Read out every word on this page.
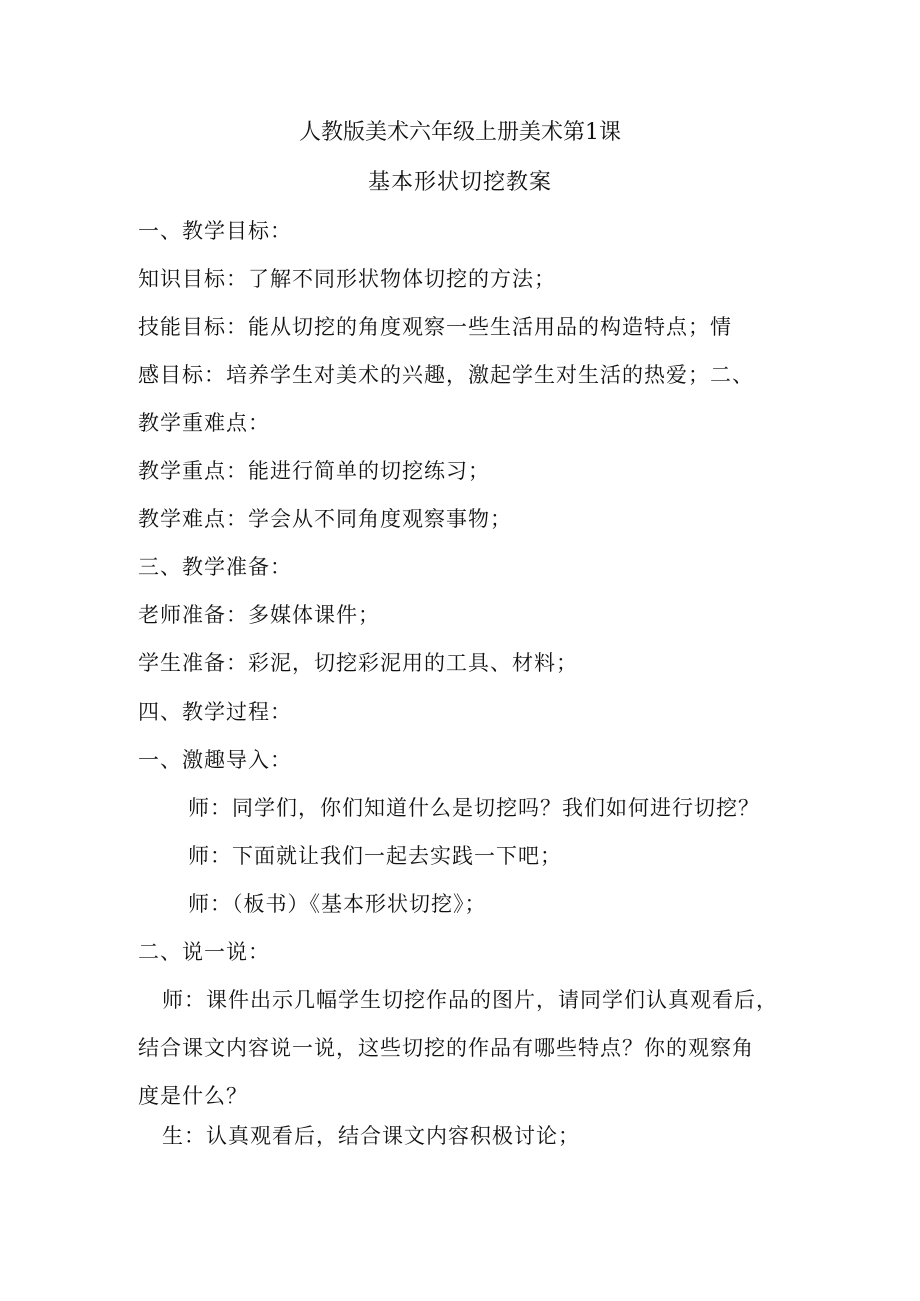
人教版美术六年级上册美术第1课
基本形状切挖教案
一、教学目标：
知识目标：了解不同形状物体切挖的方法；
技能目标：能从切挖的角度观察一些生活用品的构造特点；情
感目标：培养学生对美术的兴趣，激起学生对生活的热爱；二、
教学重难点：
教学重点：能进行简单的切挖练习；
教学难点：学会从不同角度观察事物；
三、教学准备：
老师准备：多媒体课件；
学生准备：彩泥，切挖彩泥用的工具、材料；
四、教学过程：
一、激趣导入：
师：同学们，你们知道什么是切挖吗？我们如何进行切挖？
师：下面就让我们一起去实践一下吧；
师：（板书）《基本形状切挖》；
二、说一说：
师：课件出示几幅学生切挖作品的图片，请同学们认真观看后，
结合课文内容说一说，这些切挖的作品有哪些特点？你的观察角
度是什么？
生：认真观看后，结合课文内容积极讨论；
